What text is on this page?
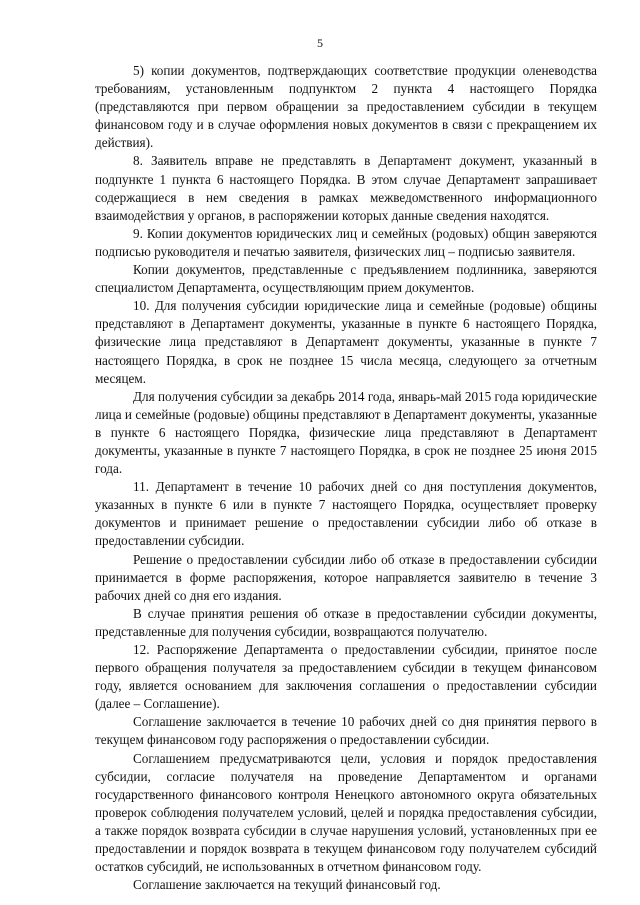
5

5) копии документов, подтверждающих соответствие продукции оленеводства требованиям, установленным подпунктом 2 пункта 4 настоящего Порядка (представляются при первом обращении за предоставлением субсидии в текущем финансовом году и в случае оформления новых документов в связи с прекращением их действия).

8. Заявитель вправе не представлять в Департамент документ, указанный в подпункте 1 пункта 6 настоящего Порядка. В этом случае Департамент запрашивает содержащиеся в нем сведения в рамках межведомственного информационного взаимодействия у органов, в распоряжении которых данные сведения находятся.

9. Копии документов юридических лиц и семейных (родовых) общин заверяются подписью руководителя и печатью заявителя, физических лиц – подписью заявителя.

Копии документов, представленные с предъявлением подлинника, заверяются специалистом Департамента, осуществляющим прием документов.

10. Для получения субсидии юридические лица и семейные (родовые) общины представляют в Департамент документы, указанные в пункте 6 настоящего Порядка, физические лица представляют в Департамент документы, указанные в пункте 7 настоящего Порядка, в срок не позднее 15 числа месяца, следующего за отчетным месяцем.

Для получения субсидии за декабрь 2014 года, январь-май 2015 года юридические лица и семейные (родовые) общины представляют в Департамент документы, указанные в пункте 6 настоящего Порядка, физические лица представляют в Департамент документы, указанные в пункте 7 настоящего Порядка, в срок не позднее 25 июня 2015 года.

11. Департамент в течение 10 рабочих дней со дня поступления документов, указанных в пункте 6 или в пункте 7 настоящего Порядка, осуществляет проверку документов и принимает решение о предоставлении субсидии либо об отказе в предоставлении субсидии.

Решение о предоставлении субсидии либо об отказе в предоставлении субсидии принимается в форме распоряжения, которое направляется заявителю в течение 3 рабочих дней со дня его издания.

В случае принятия решения об отказе в предоставлении субсидии документы, представленные для получения субсидии, возвращаются получателю.

12. Распоряжение Департамента о предоставлении субсидии, принятое после первого обращения получателя за предоставлением субсидии в текущем финансовом году, является основанием для заключения соглашения о предоставлении субсидии (далее – Соглашение).

Соглашение заключается в течение 10 рабочих дней со дня принятия первого в текущем финансовом году распоряжения о предоставлении субсидии.

Соглашением предусматриваются цели, условия и порядок предоставления субсидии, согласие получателя на проведение Департаментом и органами государственного финансового контроля Ненецкого автономного округа обязательных проверок соблюдения получателем условий, целей и порядка предоставления субсидии, а также порядок возврата субсидии в случае нарушения условий, установленных при ее предоставлении и порядок возврата в текущем финансовом году получателем субсидий остатков субсидий, не использованных в отчетном финансовом году.

Соглашение заключается на текущий финансовый год.
